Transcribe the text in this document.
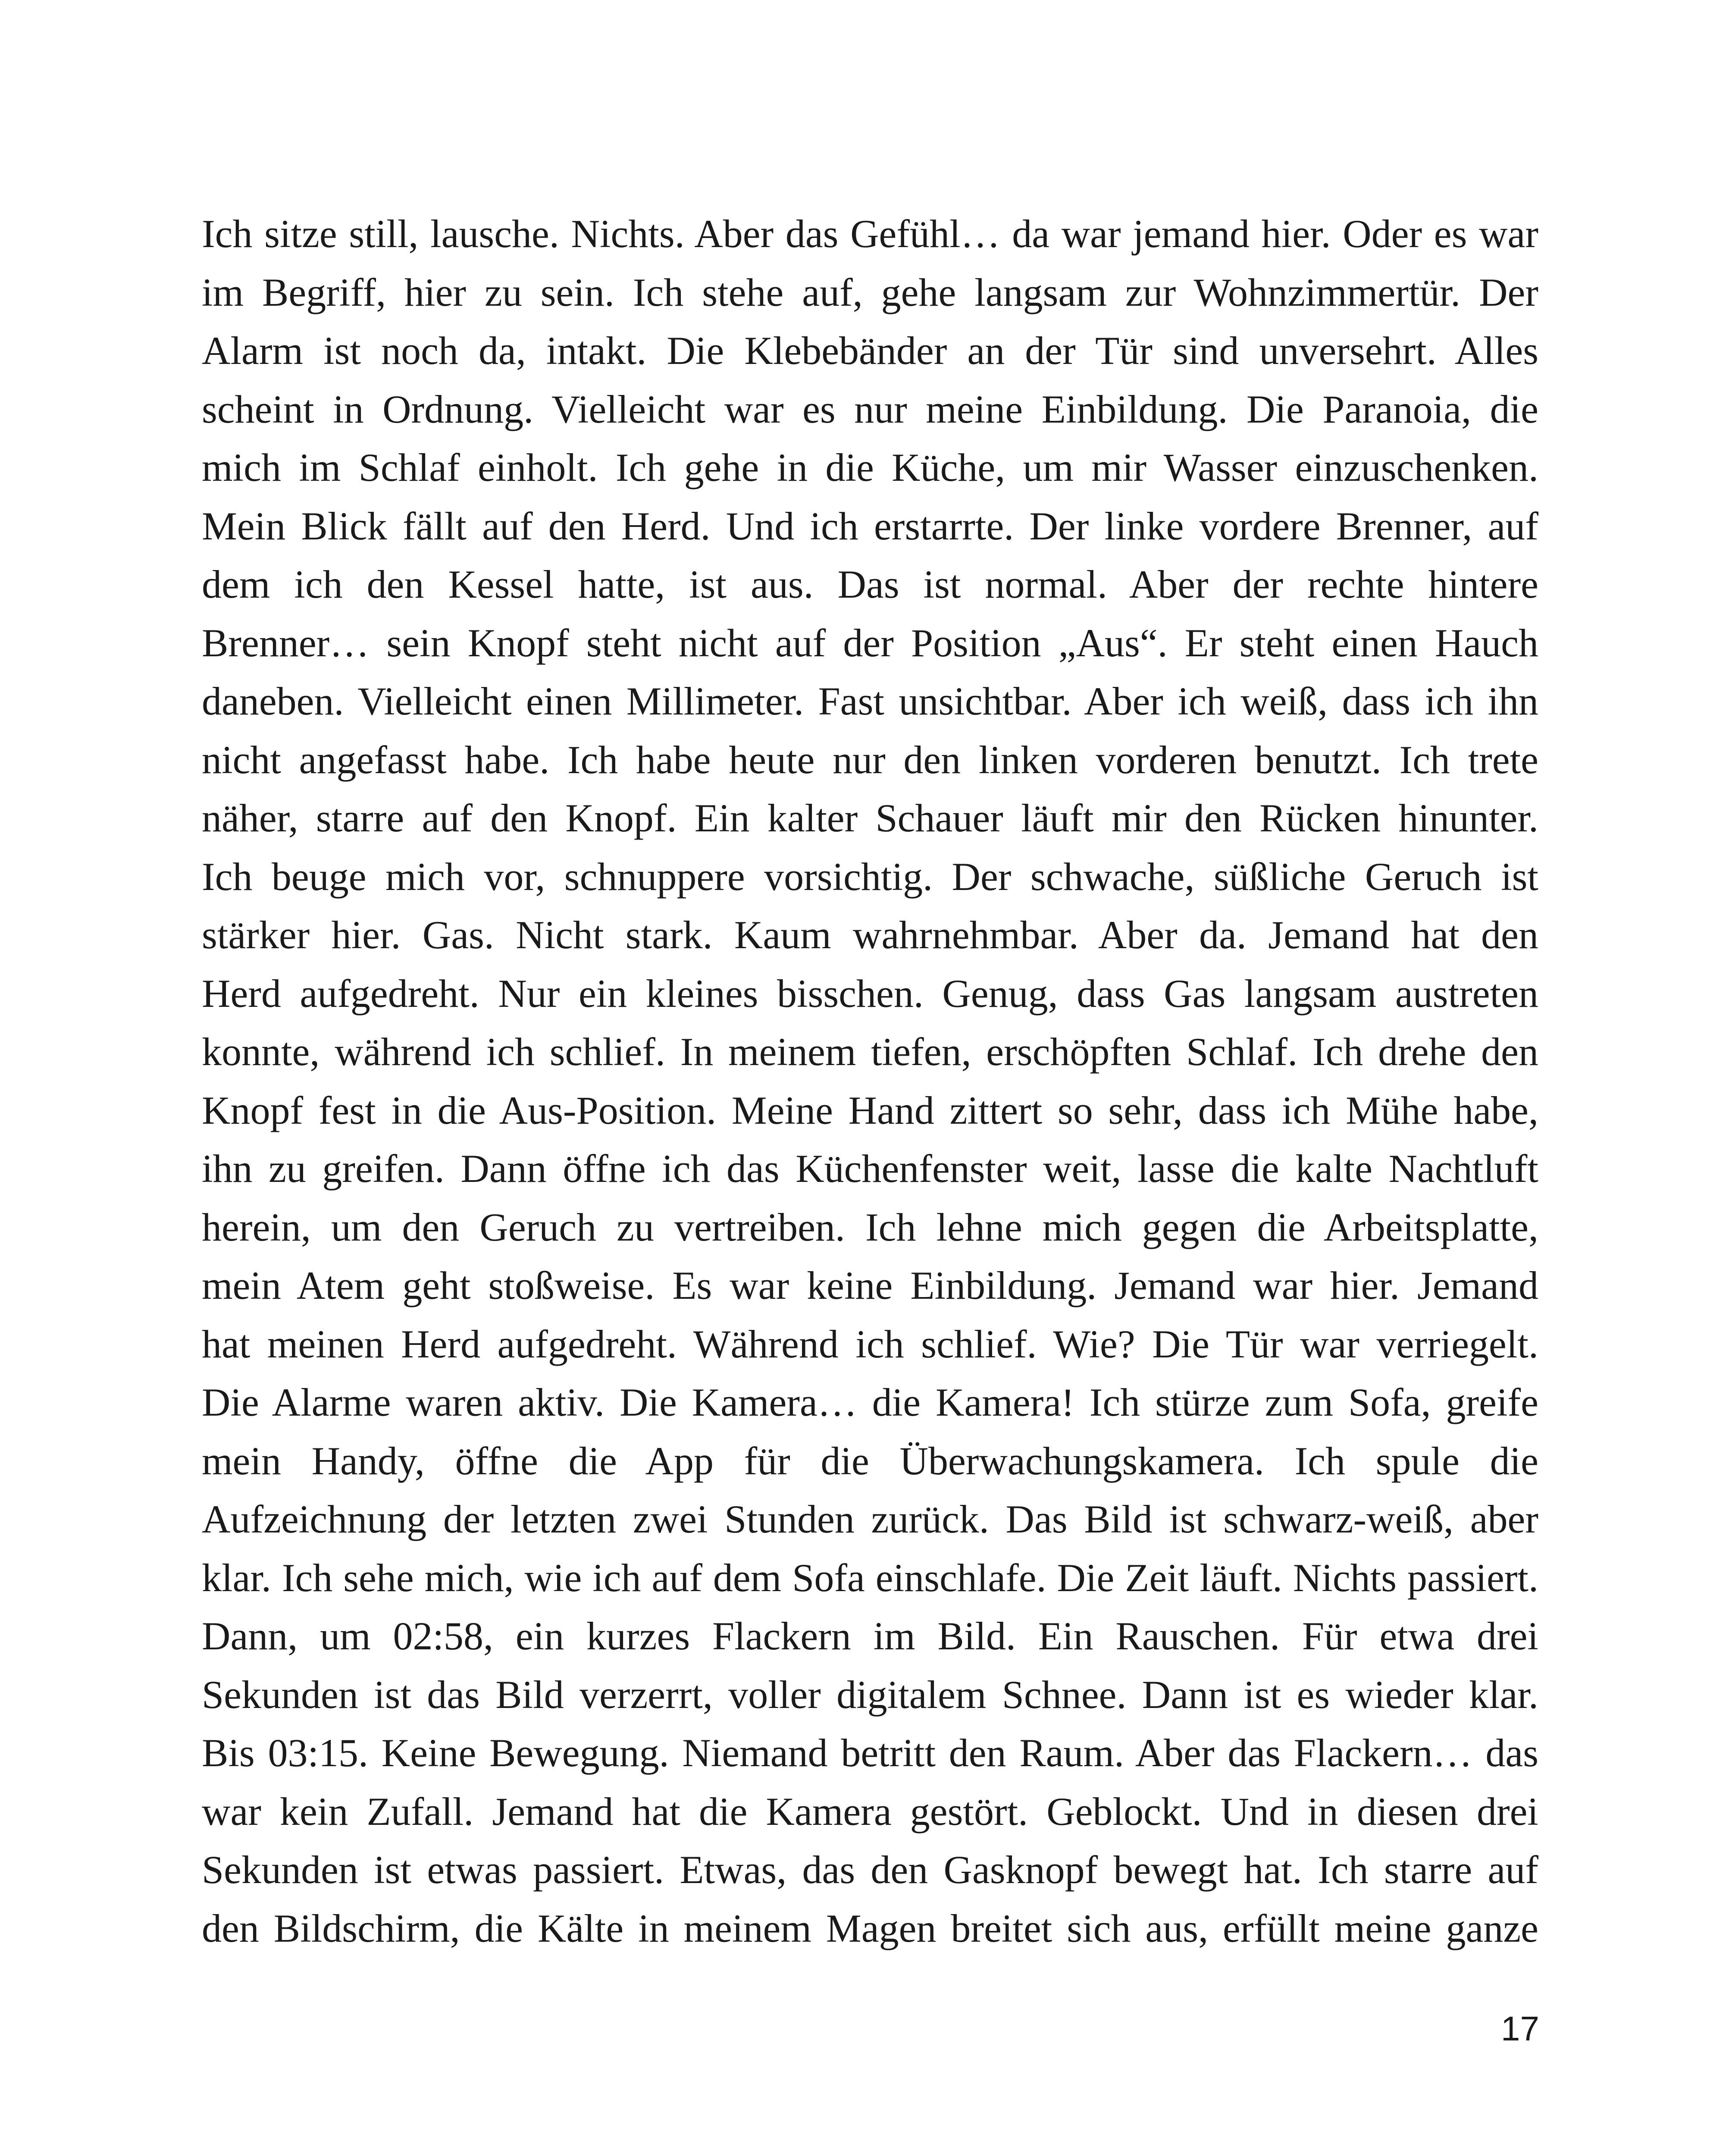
Ich sitze still, lausche. Nichts. Aber das Gefühl… da war jemand hier. Oder es war
im Begriff, hier zu sein. Ich stehe auf, gehe langsam zur Wohnzimmertür. Der
Alarm ist noch da, intakt. Die Klebebänder an der Tür sind unversehrt. Alles
scheint in Ordnung. Vielleicht war es nur meine Einbildung. Die Paranoia, die
mich im Schlaf einholt. Ich gehe in die Küche, um mir Wasser einzuschenken.
Mein Blick fällt auf den Herd. Und ich erstarrte. Der linke vordere Brenner, auf
dem ich den Kessel hatte, ist aus. Das ist normal. Aber der rechte hintere
Brenner… sein Knopf steht nicht auf der Position „Aus“. Er steht einen Hauch
daneben. Vielleicht einen Millimeter. Fast unsichtbar. Aber ich weiß, dass ich ihn
nicht angefasst habe. Ich habe heute nur den linken vorderen benutzt. Ich trete
näher, starre auf den Knopf. Ein kalter Schauer läuft mir den Rücken hinunter.
Ich beuge mich vor, schnuppere vorsichtig. Der schwache, süßliche Geruch ist
stärker hier. Gas. Nicht stark. Kaum wahrnehmbar. Aber da. Jemand hat den
Herd aufgedreht. Nur ein kleines bisschen. Genug, dass Gas langsam austreten
konnte, während ich schlief. In meinem tiefen, erschöpften Schlaf. Ich drehe den
Knopf fest in die Aus-Position. Meine Hand zittert so sehr, dass ich Mühe habe,
ihn zu greifen. Dann öffne ich das Küchenfenster weit, lasse die kalte Nachtluft
herein, um den Geruch zu vertreiben. Ich lehne mich gegen die Arbeitsplatte,
mein Atem geht stoßweise. Es war keine Einbildung. Jemand war hier. Jemand
hat meinen Herd aufgedreht. Während ich schlief. Wie? Die Tür war verriegelt.
Die Alarme waren aktiv. Die Kamera… die Kamera! Ich stürze zum Sofa, greife
mein Handy, öffne die App für die Überwachungskamera. Ich spule die
Aufzeichnung der letzten zwei Stunden zurück. Das Bild ist schwarz-weiß, aber
klar. Ich sehe mich, wie ich auf dem Sofa einschlafe. Die Zeit läuft. Nichts passiert.
Dann, um 02:58, ein kurzes Flackern im Bild. Ein Rauschen. Für etwa drei
Sekunden ist das Bild verzerrt, voller digitalem Schnee. Dann ist es wieder klar.
Bis 03:15. Keine Bewegung. Niemand betritt den Raum. Aber das Flackern… das
war kein Zufall. Jemand hat die Kamera gestört. Geblockt. Und in diesen drei
Sekunden ist etwas passiert. Etwas, das den Gasknopf bewegt hat. Ich starre auf
den Bildschirm, die Kälte in meinem Magen breitet sich aus, erfüllt meine ganze
17
